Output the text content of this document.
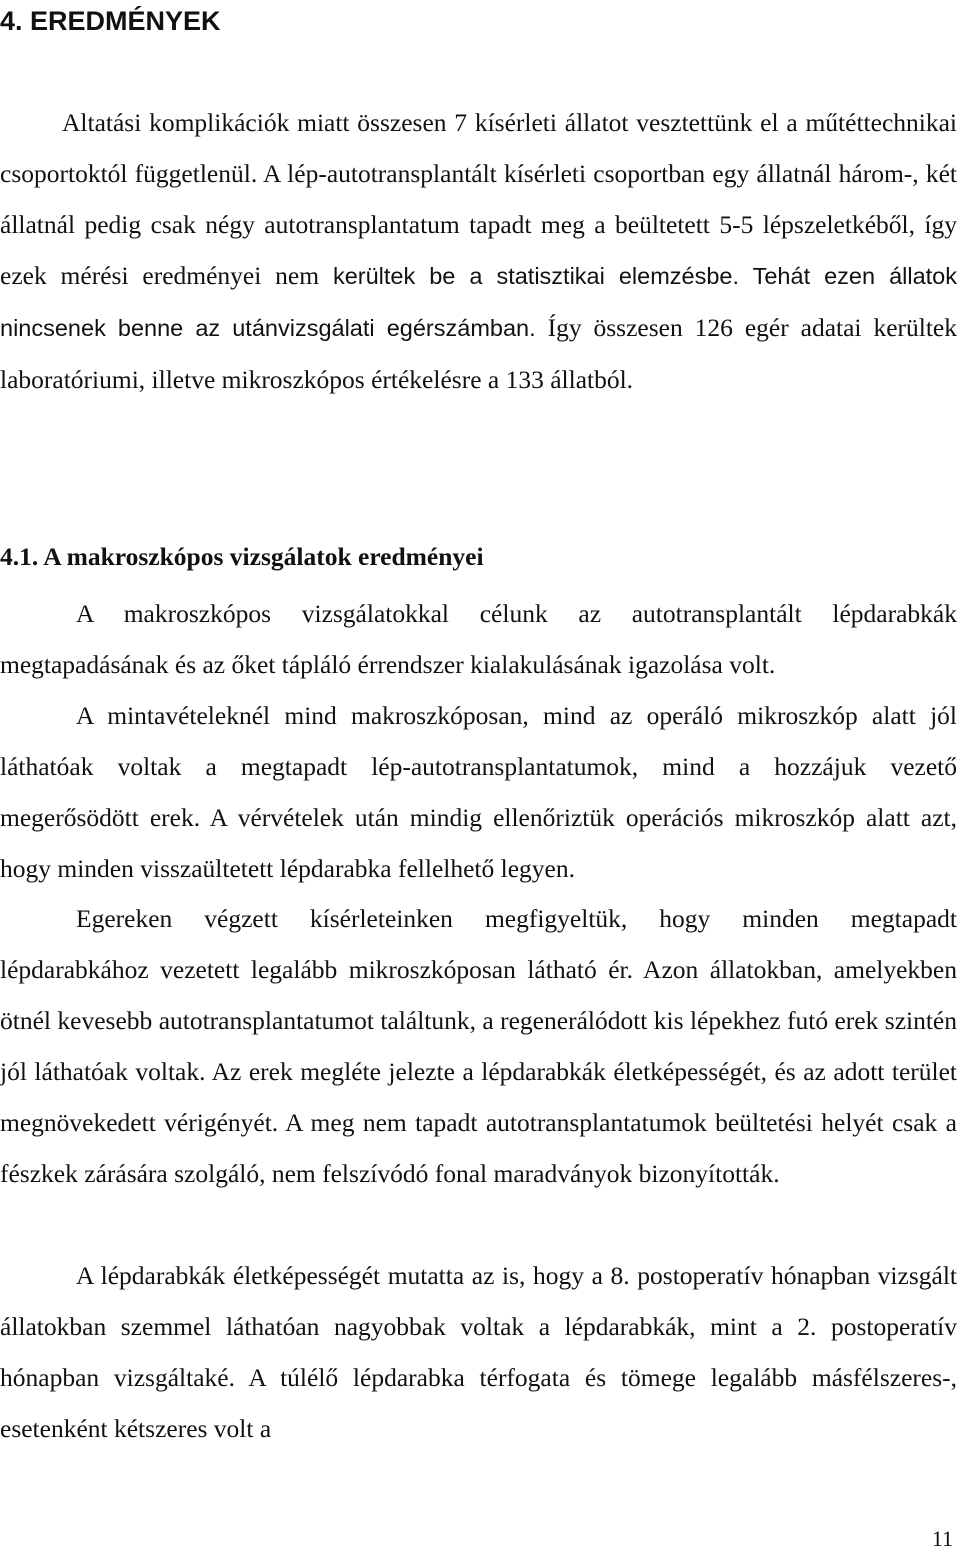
4. EREDMÉNYEK

Altatási komplikációk miatt összesen 7 kísérleti állatot vesztettünk el a műtéttechnikai csoportoktól függetlenül. A lép-autotransplantált kísérleti csoportban egy állatnál három-, két állatnál pedig csak négy autotransplantatum tapadt meg a beültetett 5-5 lépszeletkéből, így ezek mérési eredményei nem kerültek be a statisztikai elemzésbe. Tehát ezen állatok nincsenek benne az utánvizsgálati egérszámban. Így összesen 126 egér adatai kerültek laboratóriumi, illetve mikroszkópos értékelésre a 133 állatból.

4.1. A makroszkópos vizsgálatok eredményei

A makroszkópos vizsgálatokkal célunk az autotransplantált lépdarabkák megtapadásának és az őket tápláló érrendszer kialakulásának igazolása volt.

A mintavételeknél mind makroszkóposan, mind az operáló mikroszkóp alatt jól láthatóak voltak a megtapadt lép-autotransplantatumok, mind a hozzájuk vezető megerősödött erek. A vérvételek után mindig ellenőriztük operációs mikroszkóp alatt azt, hogy minden visszaültetett lépdarabka fellelhető legyen.

Egereken végzett kísérleteinken megfigyeltük, hogy minden megtapadt lépdarabkához vezetett legalább mikroszkóposan látható ér. Azon állatokban, amelyekben ötnél kevesebb autotransplantatumot találtunk, a regenerálódott kis lépekhez futó erek szintén jól láthatóak voltak. Az erek megléte jelezte a lépdarabkák életképességét, és az adott terület megnövekedett vérigényét. A meg nem tapadt autotransplantatumok beültetési helyét csak a fészkek zárására szolgáló, nem felszívódó fonal maradványok bizonyították.

A lépdarabkák életképességét mutatta az is, hogy a 8. postoperatív hónapban vizsgált állatokban szemmel láthatóan nagyobbak voltak a lépdarabkák, mint a 2. postoperatív hónapban vizsgáltaké. A túlélő lépdarabka térfogata és tömege legalább másfélszeres-, esetenként kétszeres volt a

11
